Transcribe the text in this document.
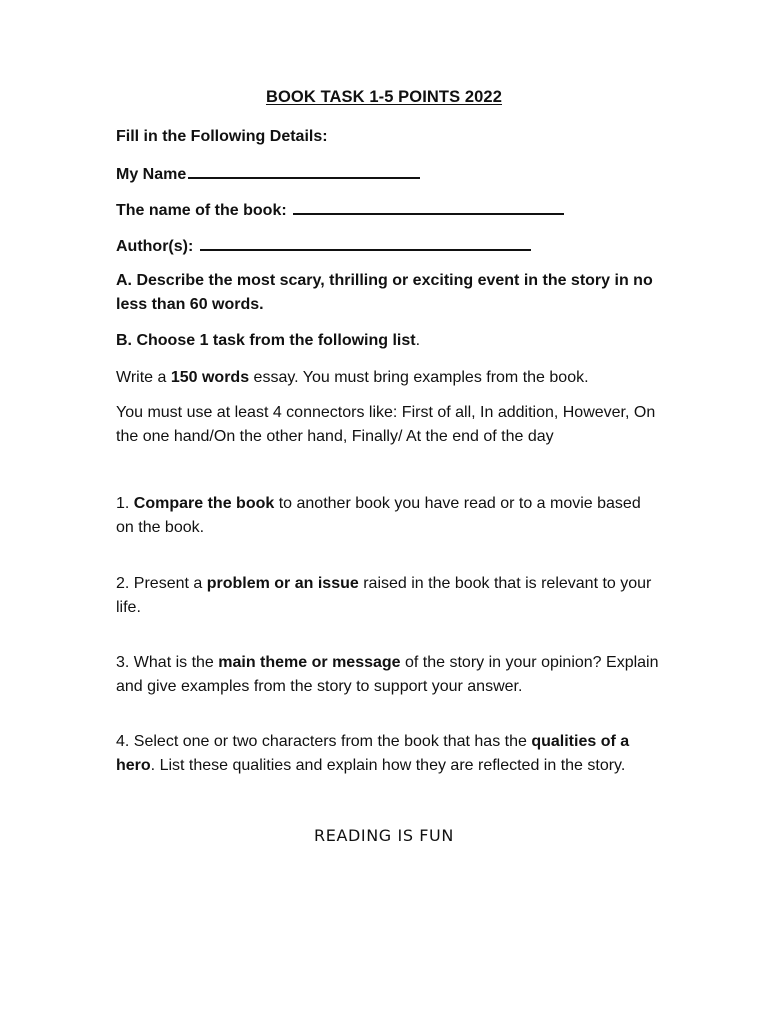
BOOK TASK 1-5 POINTS 2022
Fill in the Following Details:
My Name
The name of the book:
Author(s):
A. Describe the most scary, thrilling or exciting event in the story in no less than 60 words.
B. Choose 1 task from the following list.
Write a 150 words essay. You must bring examples from the book.
You must use at least 4 connectors like: First of all, In addition, However, On the one hand/On the other hand, Finally/ At the end of the day
1. Compare the book to another book you have read or to a movie based on the book.
2. Present a problem or an issue raised in the book that is relevant to your life.
3. What is the main theme or message of the story in your opinion? Explain and give examples from the story to support your answer.
4. Select one or two characters from the book that has the qualities of a hero. List these qualities and explain how they are reflected in the story.
READING IS FUN
